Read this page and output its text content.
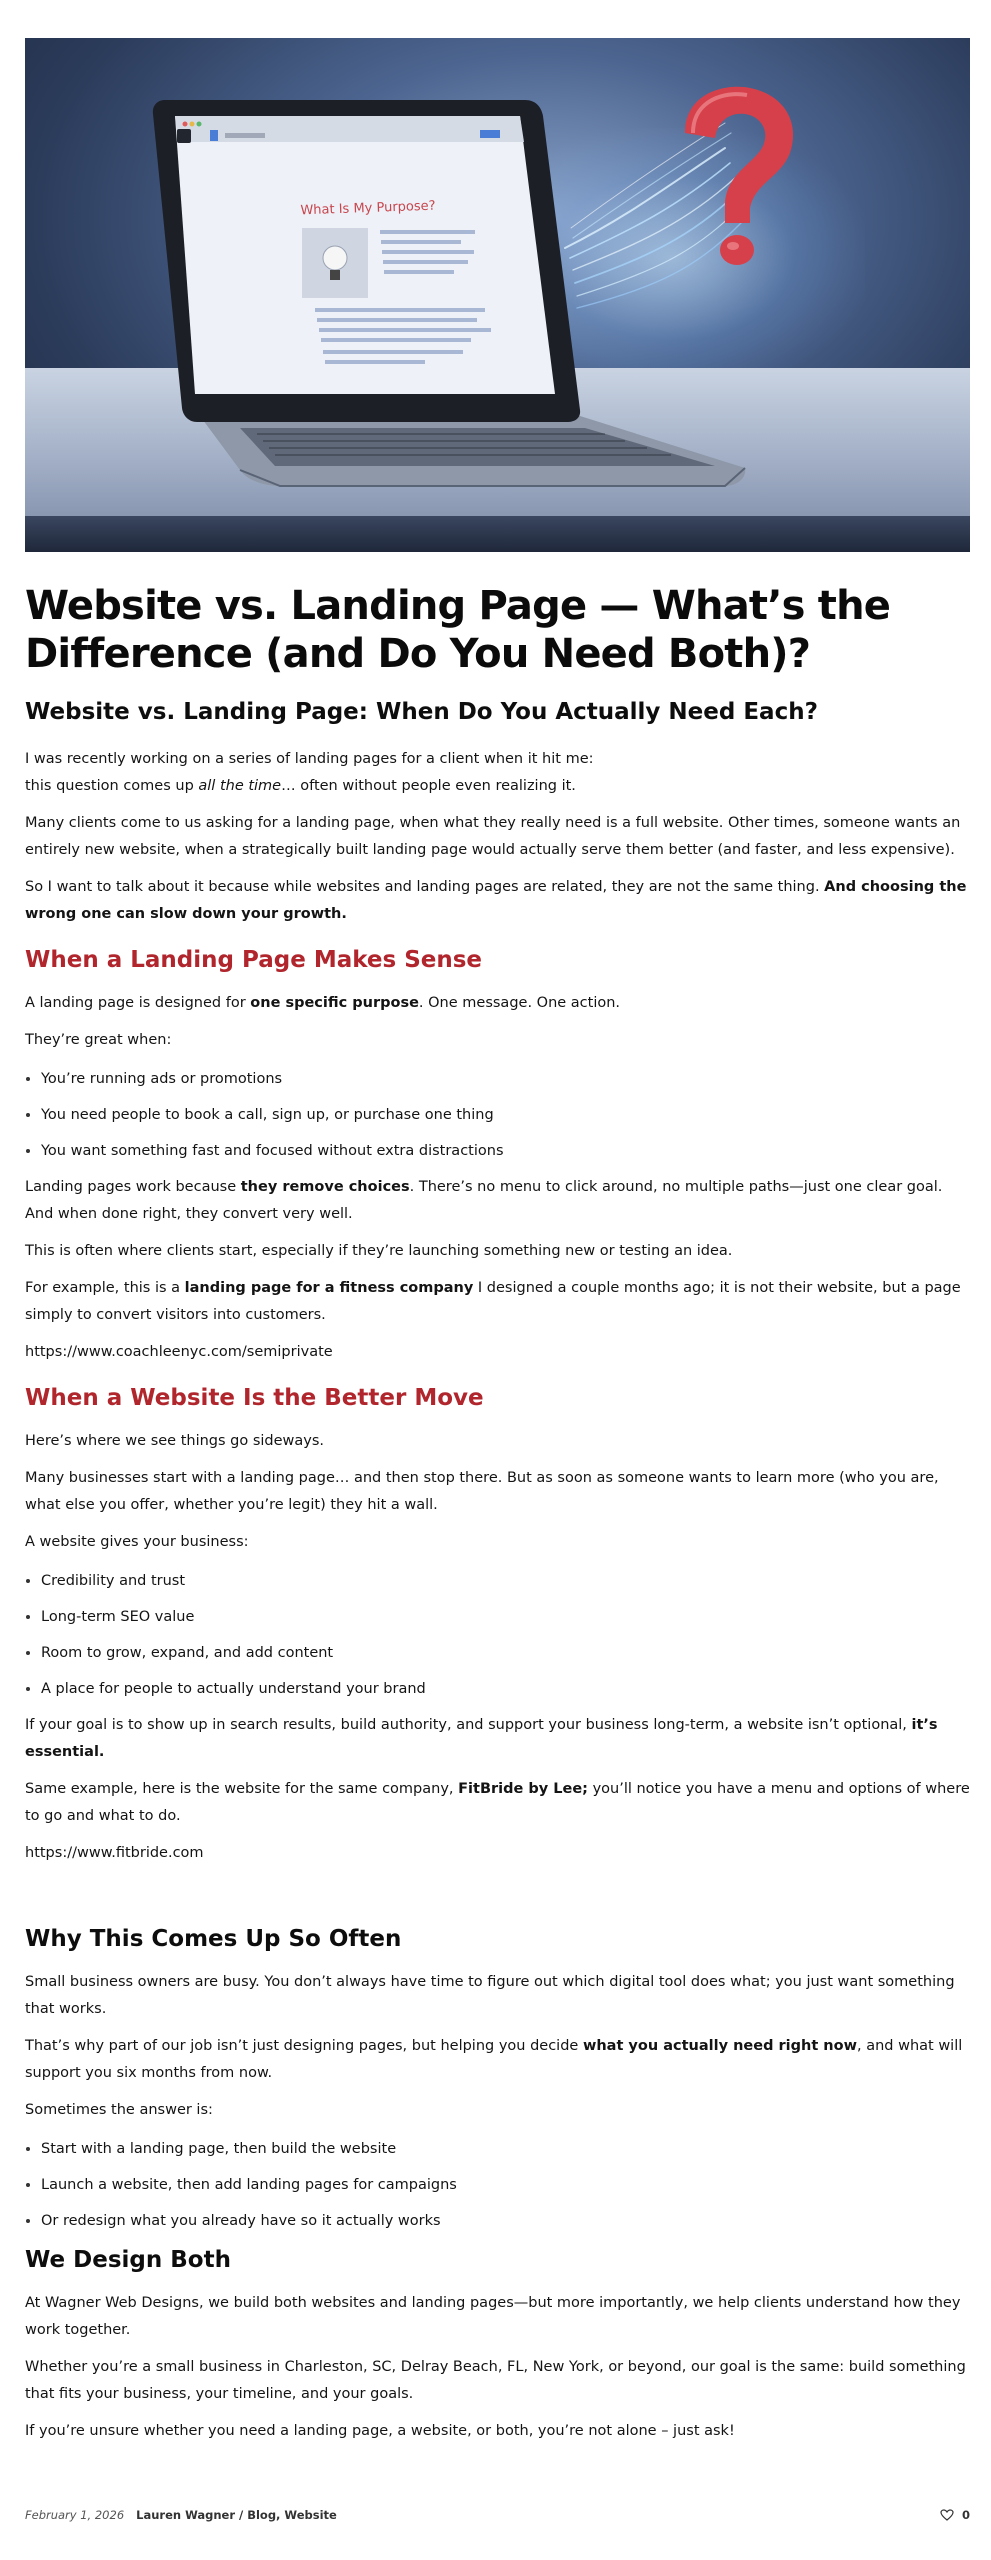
What Is My Purpose?
Website vs. Landing Page — What’s the Difference (and Do You Need Both)?
Website vs. Landing Page: When Do You Actually Need Each?

I was recently working on a series of landing pages for a client when it hit me:
this question comes up all the time… often without people even realizing it.

Many clients come to us asking for a landing page, when what they really need is a full website. Other times, someone wants an entirely new website, when a strategically built landing page would actually serve them better (and faster, and less expensive).

So I want to talk about it because while websites and landing pages are related, they are not the same thing. And choosing the wrong one can slow down your growth.

When a Landing Page Makes Sense

A landing page is designed for one specific purpose. One message. One action.

They’re great when:

• You’re running ads or promotions
• You need people to book a call, sign up, or purchase one thing
• You want something fast and focused without extra distractions

Landing pages work because they remove choices. There’s no menu to click around, no multiple paths—just one clear goal. And when done right, they convert very well.

This is often where clients start, especially if they’re launching something new or testing an idea.

For example, this is a landing page for a fitness company I designed a couple months ago; it is not their website, but a page simply to convert visitors into customers.

https://www.coachleenyc.com/semiprivate

When a Website Is the Better Move

Here’s where we see things go sideways.

Many businesses start with a landing page… and then stop there. But as soon as someone wants to learn more (who you are, what else you offer, whether you’re legit) they hit a wall.

A website gives your business:

• Credibility and trust
• Long-term SEO value
• Room to grow, expand, and add content
• A place for people to actually understand your brand

If your goal is to show up in search results, build authority, and support your business long-term, a website isn’t optional, it’s essential.

Same example, here is the website for the same company, FitBride by Lee; you’ll notice you have a menu and options of where to go and what to do.

https://www.fitbride.com

Why This Comes Up So Often

Small business owners are busy. You don’t always have time to figure out which digital tool does what; you just want something that works.

That’s why part of our job isn’t just designing pages, but helping you decide what you actually need right now, and what will support you six months from now.

Sometimes the answer is:

• Start with a landing page, then build the website
• Launch a website, then add landing pages for campaigns
• Or redesign what you already have so it actually works
We Design Both

At Wagner Web Designs, we build both websites and landing pages—but more importantly, we help clients understand how they work together.

Whether you’re a small business in Charleston, SC, Delray Beach, FL, New York, or beyond, our goal is the same: build something that fits your business, your timeline, and your goals.

If you’re unsure whether you need a landing page, a website, or both, you’re not alone – just ask!

February 1, 2026 Lauren Wagner / Blog, Website	0
